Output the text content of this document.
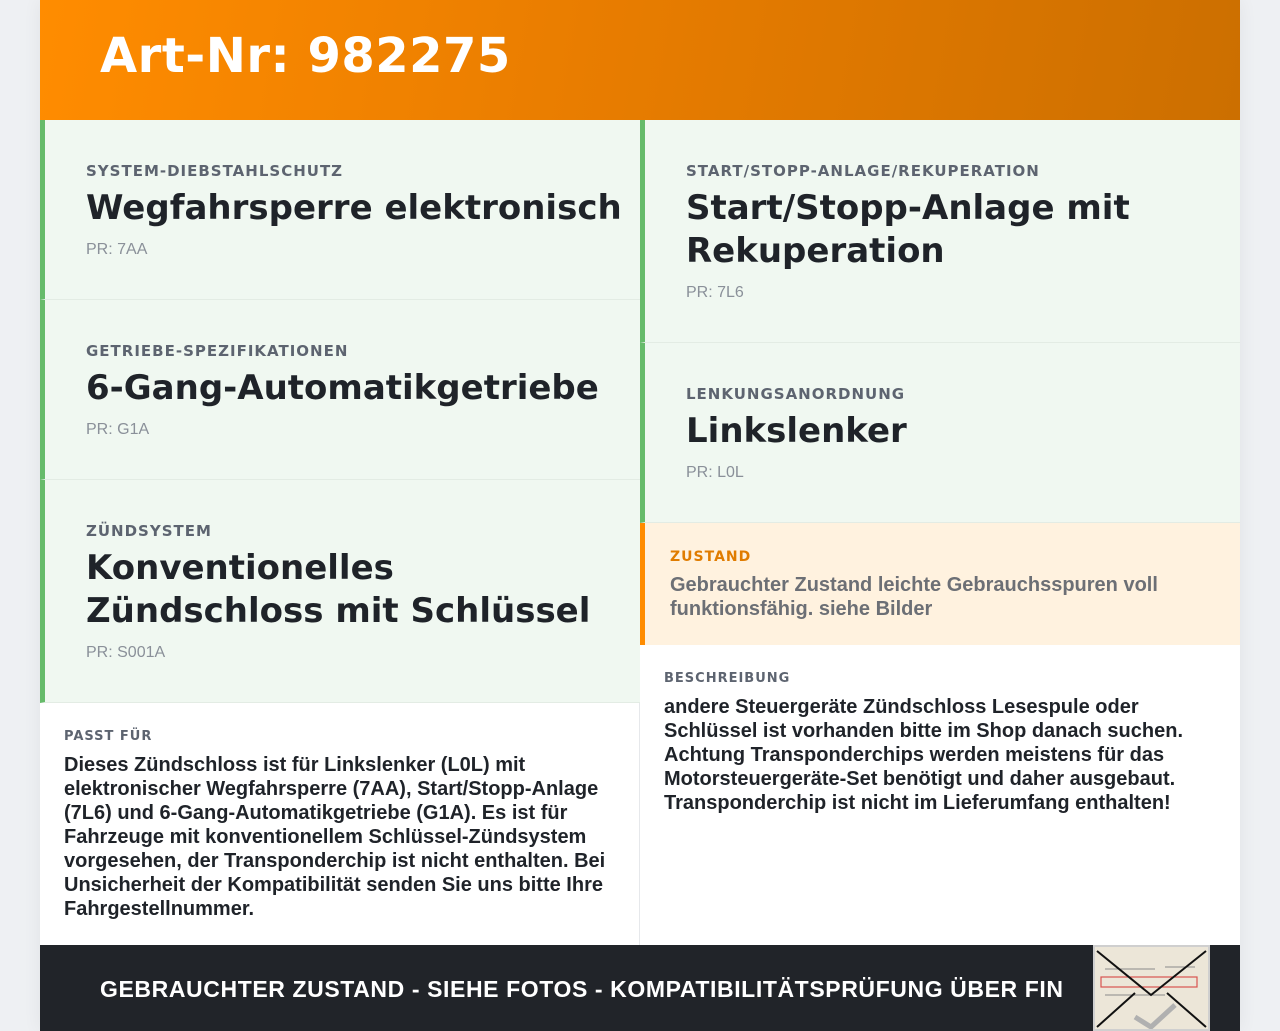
Art-Nr: 982275
SYSTEM-DIEBSTAHLSCHUTZ
Wegfahrsperre elektronisch
PR: 7AA
GETRIEBE-SPEZIFIKATIONEN
6-Gang-Automatikgetriebe
PR: G1A
ZÜNDSYSTEM
Konventionelles Zündschloss mit Schlüssel
PR: S001A
START/STOPP-ANLAGE/REKUPERATION
Start/Stopp-Anlage mit Rekuperation
PR: 7L6
LENKUNGSANORDNUNG
Linkslenker
PR: L0L
ZUSTAND
Gebrauchter Zustand leichte Gebrauchsspuren voll funktionsfähig. siehe Bilder
PASST FÜR
Dieses Zündschloss ist für Linkslenker (L0L) mit elektronischer Wegfahrsperre (7AA), Start/Stopp-Anlage (7L6) und 6-Gang-Automatikgetriebe (G1A). Es ist für Fahrzeuge mit konventionellem Schlüssel-Zündsystem vorgesehen, der Transponderchip ist nicht enthalten. Bei Unsicherheit der Kompatibilität senden Sie uns bitte Ihre Fahrgestellnummer.
BESCHREIBUNG
andere Steuergeräte Zündschloss Lesespule oder Schlüssel ist vorhanden bitte im Shop danach suchen. Achtung Transponderchips werden meistens für das Motorsteuergeräte-Set benötigt und daher ausgebaut. Transponderchip ist nicht im Lieferumfang enthalten!
GEBRAUCHTER ZUSTAND - SIEHE FOTOS - KOMPATIBILITÄTSPRÜFUNG ÜBER FIN
